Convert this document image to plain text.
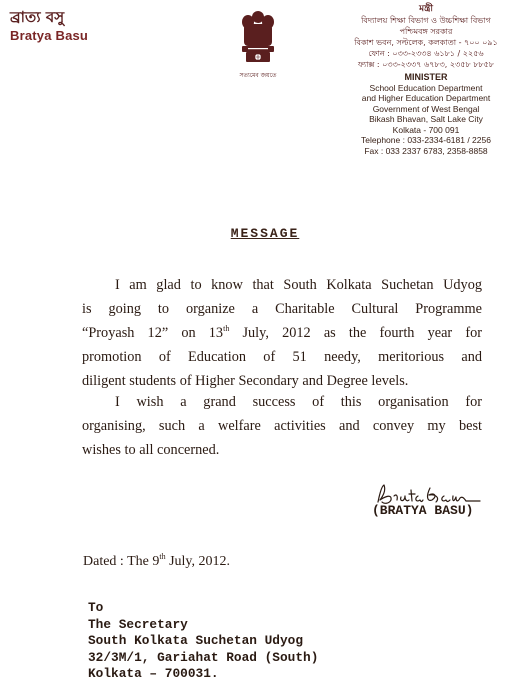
ব্রাত্য বসু
Bratya Basu
সত্যমেব জয়তে
মন্ত্রী
বিদ্যালয় শিক্ষা বিভাগ ও উচ্চশিক্ষা বিভাগ
পশ্চিমবঙ্গ সরকার
বিকাশ ভবন, সল্টলেক, কলকাতা - ৭০০ ০৯১
ফোন : ০৩৩-২৩৩৪ ৬১৮১ / ২২৫৬
ফ্যাক্স : ০৩৩-২৩৩৭ ৬৭৮৩, ২৩৫৮ ৮৮৫৮
MINISTER
School Education Department
and Higher Education Department
Government of West Bengal
Bikash Bhavan, Salt Lake City
Kolkata - 700 091
Telephone : 033-2334-6181 / 2256
Fax : 033 2337 6783, 2358-8858
MESSAGE
I am glad to know that South Kolkata Suchetan Udyog
is going to organize a Charitable Cultural Programme
“Proyash 12” on 13th July, 2012 as the fourth year for
promotion of Education of 51 needy, meritorious and
diligent students of Higher Secondary and Degree levels.
I wish a grand success of this organisation for
organising, such a welfare activities and convey my best
wishes to all concerned.
(BRATYA BASU)
Dated : The 9th July, 2012.
To
The Secretary
South Kolkata Suchetan Udyog
32/3M/1, Gariahat Road (South)
Kolkata – 700031.
